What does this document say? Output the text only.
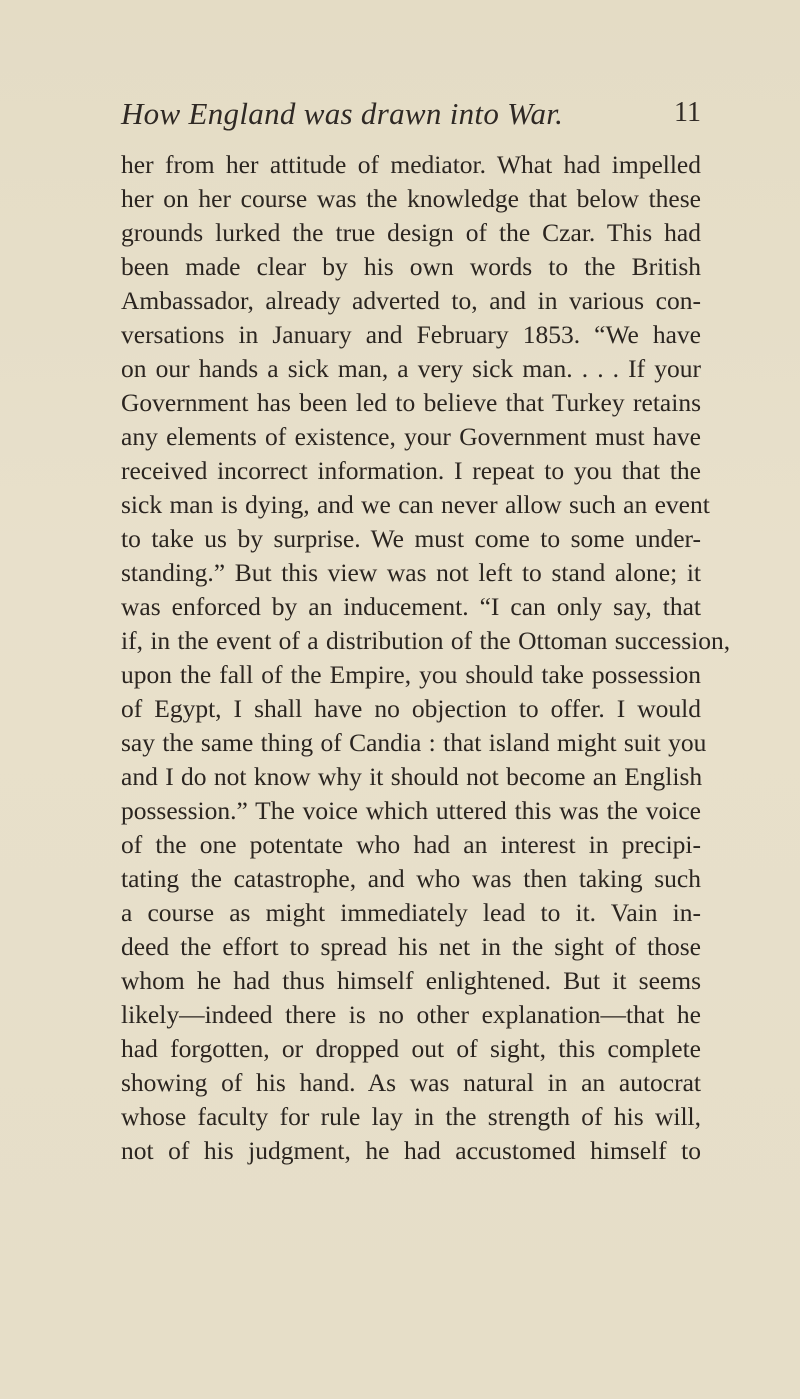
How England was drawn into War.	11
her from her attitude of mediator. What had impelled
her on her course was the knowledge that below these
grounds lurked the true design of the Czar. This had
been made clear by his own words to the British
Ambassador, already adverted to, and in various con-
versations in January and February 1853. “We have
on our hands a sick man, a very sick man. . . . If your
Government has been led to believe that Turkey retains
any elements of existence, your Government must have
received incorrect information. I repeat to you that the
sick man is dying, and we can never allow such an event
to take us by surprise. We must come to some under-
standing.” But this view was not left to stand alone; it
was enforced by an inducement. “I can only say, that
if, in the event of a distribution of the Ottoman succession,
upon the fall of the Empire, you should take possession
of Egypt, I shall have no objection to offer. I would
say the same thing of Candia : that island might suit you
and I do not know why it should not become an English
possession.” The voice which uttered this was the voice
of the one potentate who had an interest in precipi-
tating the catastrophe, and who was then taking such
a course as might immediately lead to it. Vain in-
deed the effort to spread his net in the sight of those
whom he had thus himself enlightened. But it seems
likely—indeed there is no other explanation—that he
had forgotten, or dropped out of sight, this complete
showing of his hand. As was natural in an autocrat
whose faculty for rule lay in the strength of his will,
not of his judgment, he had accustomed himself to
